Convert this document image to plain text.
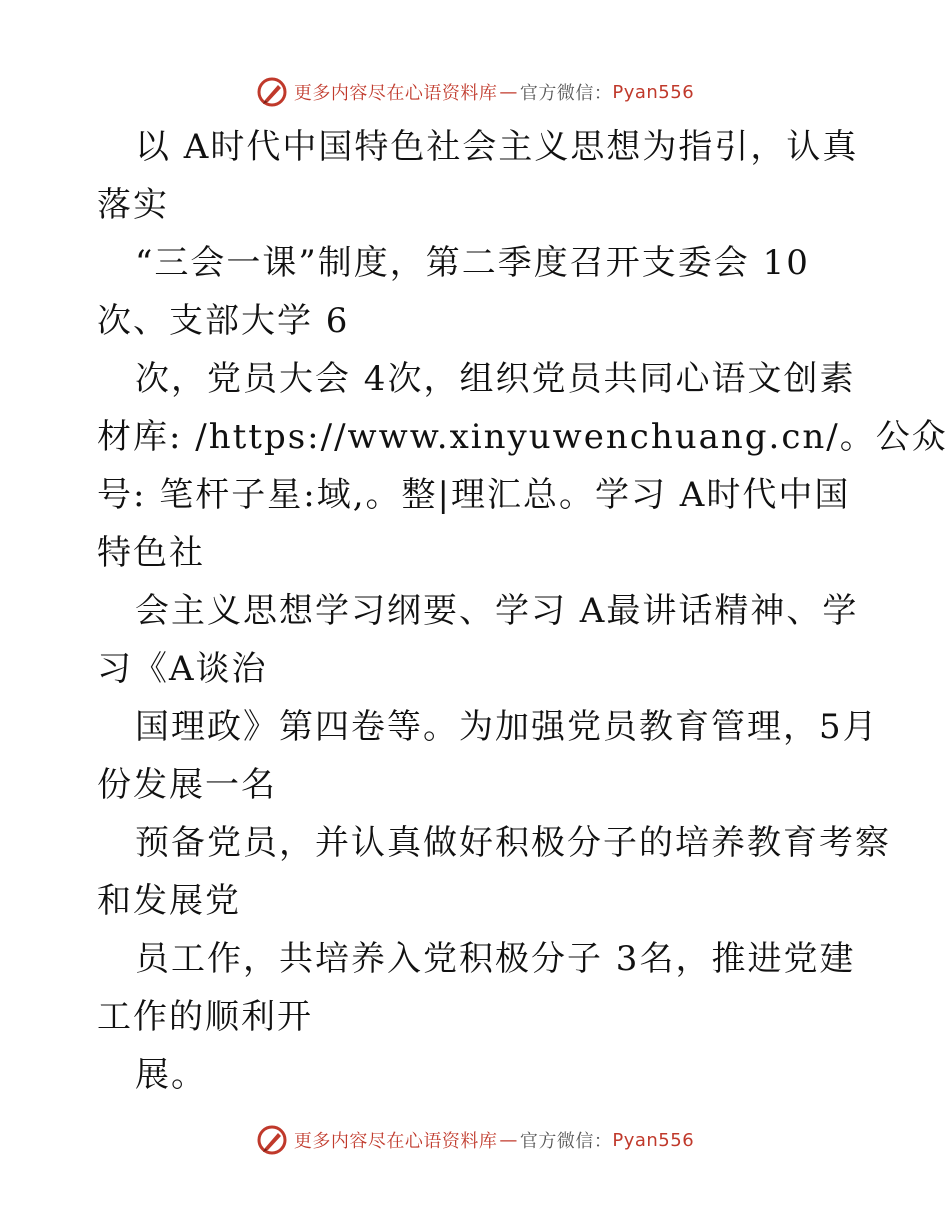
更多内容尽在心语资料库 — 官方微信： Pyan556
以 A时代中国特色社会主义思想为指引，认真
落实
“三会一课”制度，第二季度召开支委会 10
次、支部大学 6
次，党员大会 4次，组织党员共同心语文创素
材库: /https://www.xinyuwenchuang.cn/。公众
号: 笔杆子星:域,。整|理汇总。学习 A时代中国
特色社
会主义思想学习纲要、学习 A最讲话精神、学
习《A谈治
国理政》第四卷等。为加强党员教育管理，5月
份发展一名
预备党员，并认真做好积极分子的培养教育考察
和发展党
员工作，共培养入党积极分子 3名，推进党建
工作的顺利开
展。
更多内容尽在心语资料库 — 官方微信： Pyan556
